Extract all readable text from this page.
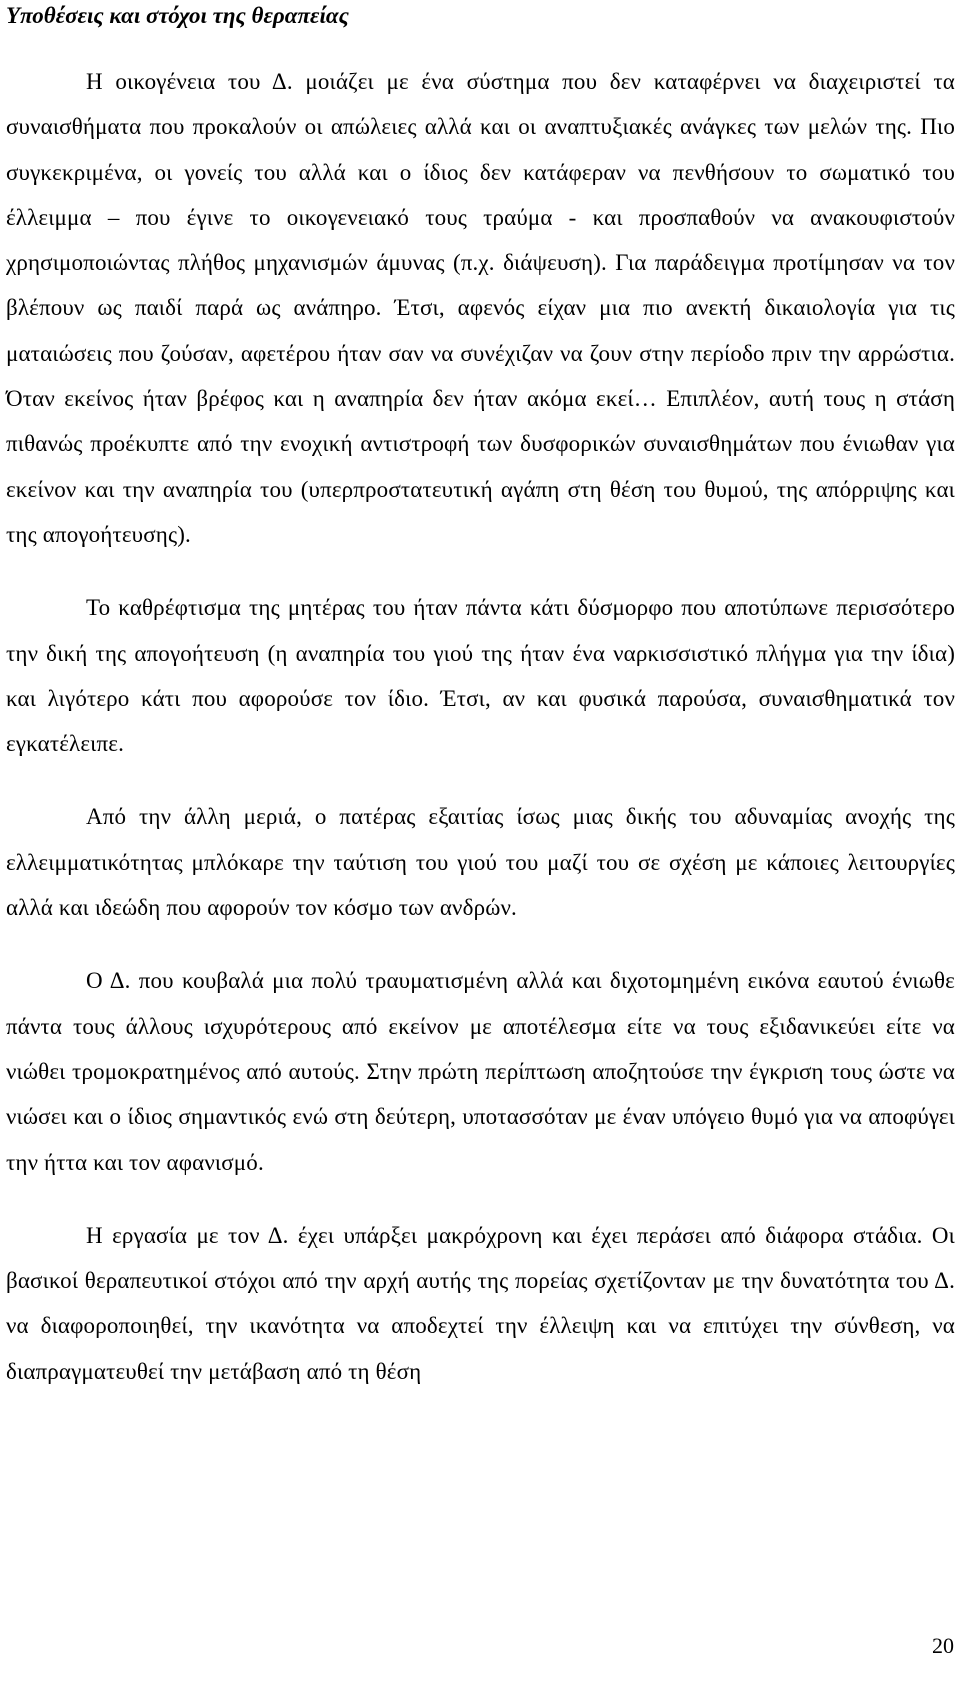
Υποθέσεις και στόχοι της θεραπείας

Η οικογένεια του Δ. μοιάζει με ένα σύστημα που δεν καταφέρνει να διαχειριστεί τα συναισθήματα που προκαλούν οι απώλειες αλλά και οι αναπτυξιακές ανάγκες των μελών της. Πιο συγκεκριμένα, οι γονείς του αλλά και ο ίδιος δεν κατάφεραν να πενθήσουν το σωματικό του έλλειμμα – που έγινε το οικογενειακό τους τραύμα - και προσπαθούν να ανακουφιστούν χρησιμοποιώντας πλήθος μηχανισμών άμυνας (π.χ. διάψευση). Για παράδειγμα προτίμησαν να τον βλέπουν ως παιδί παρά ως ανάπηρο. Έτσι, αφενός είχαν μια πιο ανεκτή δικαιολογία για τις ματαιώσεις που ζούσαν, αφετέρου ήταν σαν να συνέχιζαν να ζουν στην περίοδο πριν την αρρώστια. Όταν εκείνος ήταν βρέφος και η αναπηρία δεν ήταν ακόμα εκεί… Επιπλέον, αυτή τους η στάση πιθανώς προέκυπτε από την ενοχική αντιστροφή των δυσφορικών συναισθημάτων που ένιωθαν για εκείνον και την αναπηρία του (υπερπροστατευτική αγάπη στη θέση του θυμού, της απόρριψης και της απογοήτευσης).

Το καθρέφτισμα της μητέρας του ήταν πάντα κάτι δύσμορφο που αποτύπωνε περισσότερο την δική της απογοήτευση (η αναπηρία του γιού της ήταν ένα ναρκισσιστικό πλήγμα για την ίδια) και λιγότερο κάτι που αφορούσε τον ίδιο. Έτσι, αν και φυσικά παρούσα, συναισθηματικά τον εγκατέλειπε.

Από την άλλη μεριά, ο πατέρας εξαιτίας ίσως μιας δικής του αδυναμίας ανοχής της ελλειμματικότητας μπλόκαρε την ταύτιση του γιού του μαζί του σε σχέση με κάποιες λειτουργίες αλλά και ιδεώδη που αφορούν τον κόσμο των ανδρών.

Ο Δ. που κουβαλά μια πολύ τραυματισμένη αλλά και διχοτομημένη εικόνα εαυτού ένιωθε πάντα τους άλλους ισχυρότερους από εκείνον με αποτέλεσμα είτε να τους εξιδανικεύει είτε να νιώθει τρομοκρατημένος από αυτούς. Στην πρώτη περίπτωση αποζητούσε την έγκριση τους ώστε να νιώσει και ο ίδιος σημαντικός ενώ στη δεύτερη, υποτασσόταν με έναν υπόγειο θυμό για να αποφύγει την ήττα και τον αφανισμό.

Η εργασία με τον Δ. έχει υπάρξει μακρόχρονη και έχει περάσει από διάφορα στάδια. Οι βασικοί θεραπευτικοί στόχοι από την αρχή αυτής της πορείας σχετίζονταν με την δυνατότητα του Δ. να διαφοροποιηθεί, την ικανότητα να αποδεχτεί την έλλειψη και να επιτύχει την σύνθεση, να διαπραγματευθεί την μετάβαση από τη θέση

20
